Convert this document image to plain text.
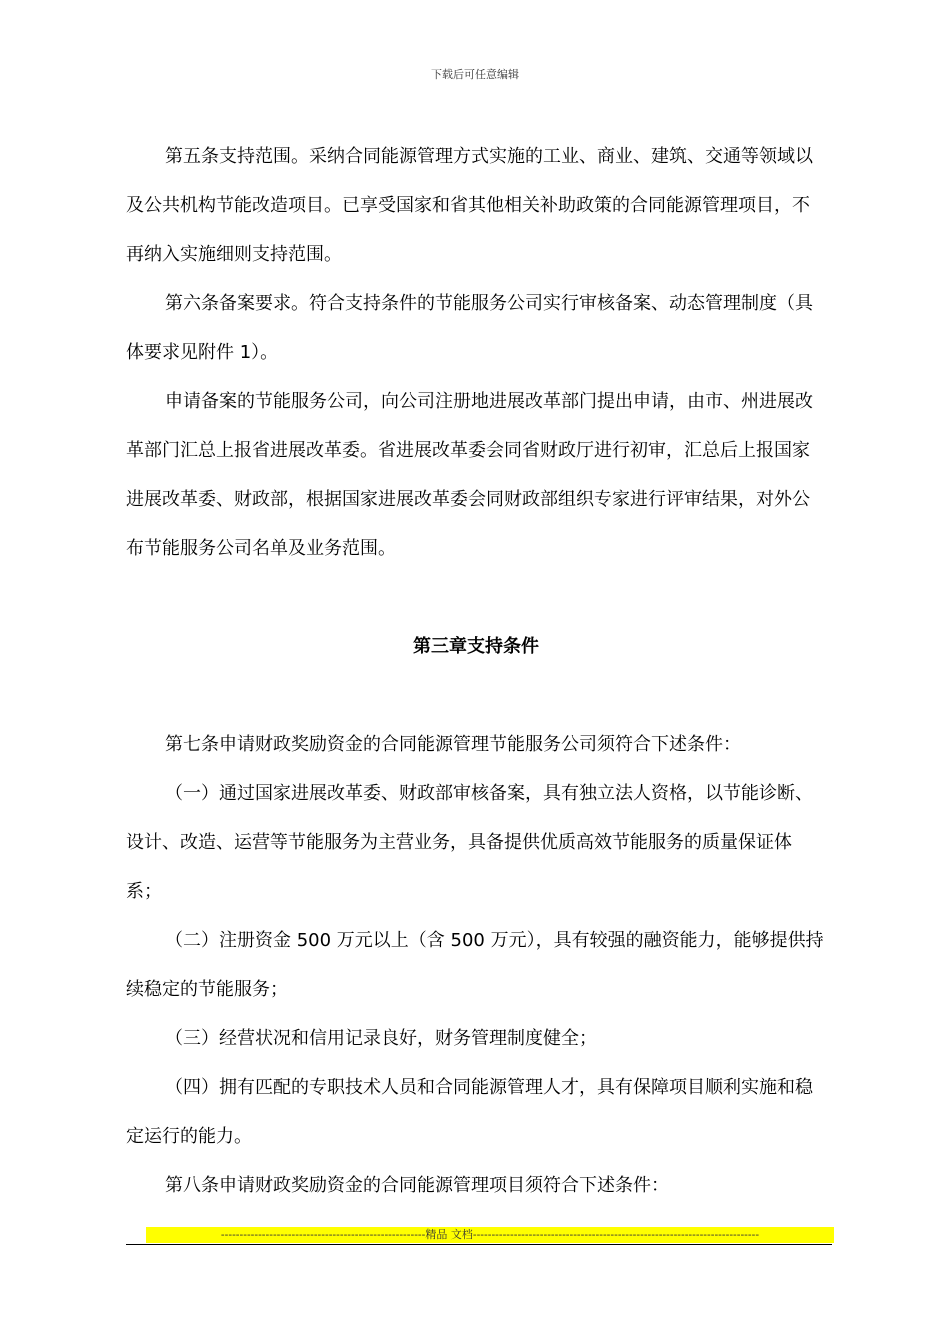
下载后可任意编辑

第五条支持范围。采纳合同能源管理方式实施的工业、商业、建筑、交通等领域以及公共机构节能改造项目。已享受国家和省其他相关补助政策的合同能源管理项目，不再纳入实施细则支持范围。

第六条备案要求。符合支持条件的节能服务公司实行审核备案、动态管理制度（具体要求见附件 1）。

申请备案的节能服务公司，向公司注册地进展改革部门提出申请，由市、州进展改革部门汇总上报省进展改革委。省进展改革委会同省财政厅进行初审，汇总后上报国家进展改革委、财政部，根据国家进展改革委会同财政部组织专家进行评审结果，对外公布节能服务公司名单及业务范围。

第三章支持条件

第七条申请财政奖励资金的合同能源管理节能服务公司须符合下述条件：

（一）通过国家进展改革委、财政部审核备案，具有独立法人资格，以节能诊断、设计、改造、运营等节能服务为主营业务，具备提供优质高效节能服务的质量保证体系；

（二）注册资金 500 万元以上（含 500 万元），具有较强的融资能力，能够提供持续稳定的节能服务；

（三）经营状况和信用记录良好，财务管理制度健全；

（四）拥有匹配的专职技术人员和合同能源管理人才，具有保障项目顺利实施和稳定运行的能力。

第八条申请财政奖励资金的合同能源管理项目须符合下述条件：

-------------------------------------------------------精品 文档-----------------------------------------------------------------------------
